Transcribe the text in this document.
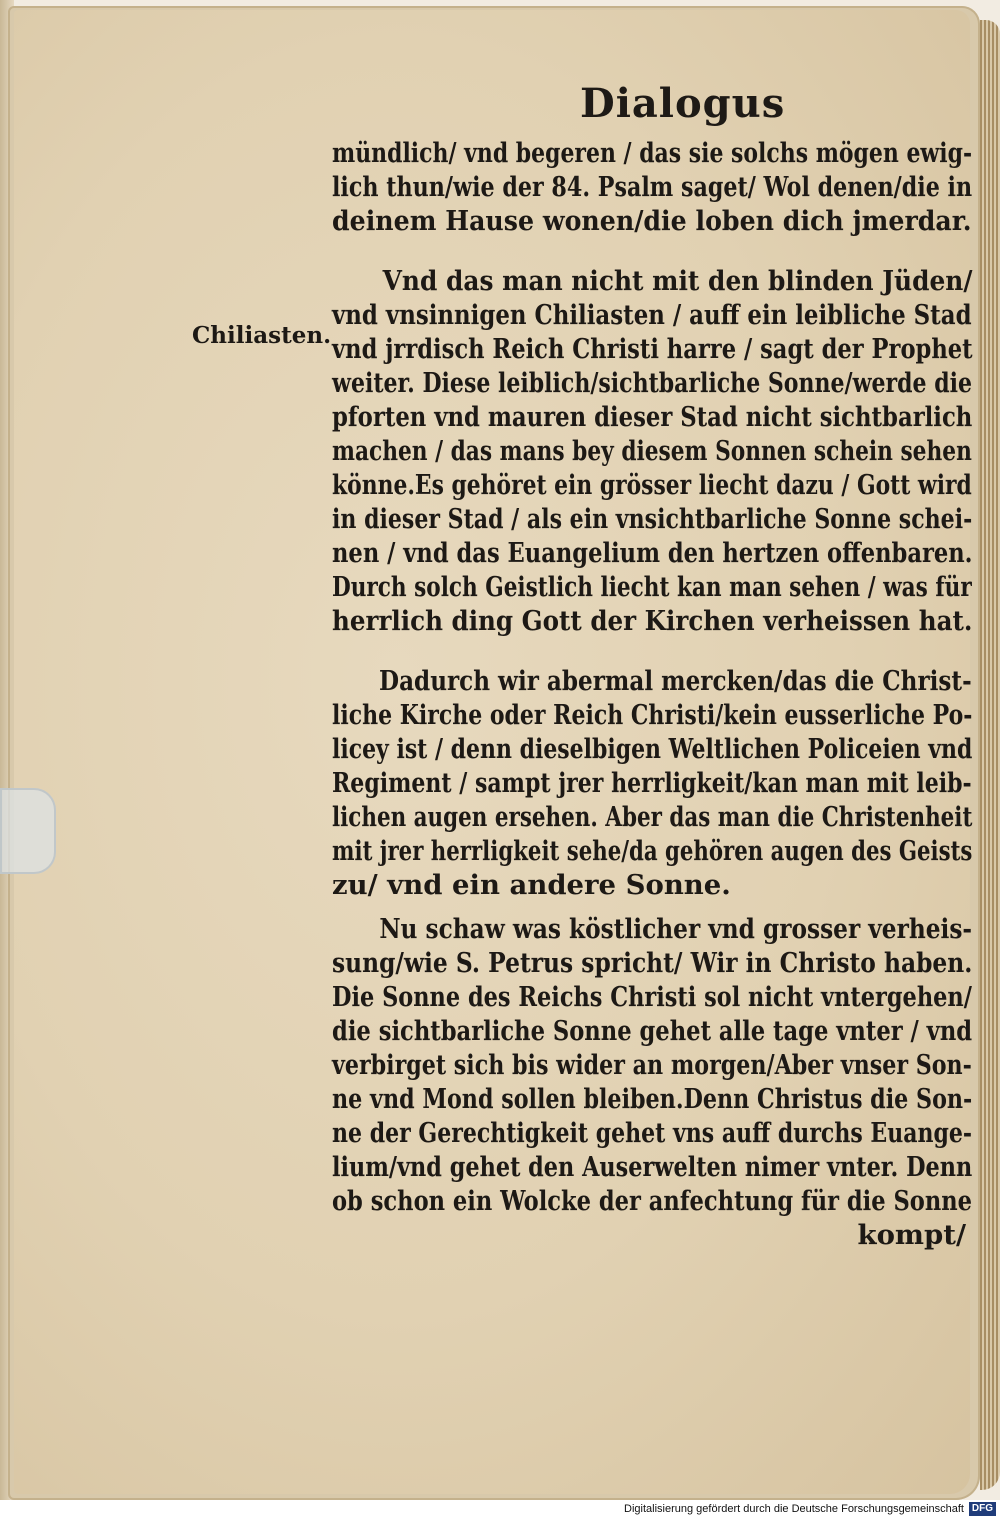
Dialogus
Chiliasten.
mündlich/ vnd begeren / das sie solchs mögen ewig-
lich thun/wie der 84. Psalm saget/ Wol denen/die in
deinem Hause wonen/die loben dich jmerdar.
Vnd das man nicht mit den blinden Jüden/
vnd vnsinnigen Chiliasten / auff ein leibliche Stad
vnd jrrdisch Reich Christi harre / sagt der Prophet
weiter. Diese leiblich/sichtbarliche Sonne/werde die
pforten vnd mauren dieser Stad nicht sichtbarlich
machen / das mans bey diesem Sonnen schein sehen
könne.Es gehöret ein grösser liecht dazu / Gott wird
in dieser Stad / als ein vnsichtbarliche Sonne schei-
nen / vnd das Euangelium den hertzen offenbaren.
Durch solch Geistlich liecht kan man sehen / was für
herrlich ding Gott der Kirchen verheissen hat.
Dadurch wir abermal mercken/das die Christ-
liche Kirche oder Reich Christi/kein eusserliche Po-
licey ist / denn dieselbigen Weltlichen Policeien vnd
Regiment / sampt jrer herrligkeit/kan man mit leib-
lichen augen ersehen. Aber das man die Christenheit
mit jrer herrligkeit sehe/da gehören augen des Geists
zu/ vnd ein andere Sonne.
Nu schaw was köstlicher vnd grosser verheis-
sung/wie S. Petrus spricht/ Wir in Christo haben.
Die Sonne des Reichs Christi sol nicht vntergehen/
die sichtbarliche Sonne gehet alle tage vnter / vnd
verbirget sich bis wider an morgen/Aber vnser Son-
ne vnd Mond sollen bleiben.Denn Christus die Son-
ne der Gerechtigkeit gehet vns auff durchs Euange-
lium/vnd gehet den Auserwelten nimer vnter. Denn
ob schon ein Wolcke der anfechtung für die Sonne
kompt/
Digitalisierung gefördert durch die Deutsche Forschungsgemeinschaft DFG
